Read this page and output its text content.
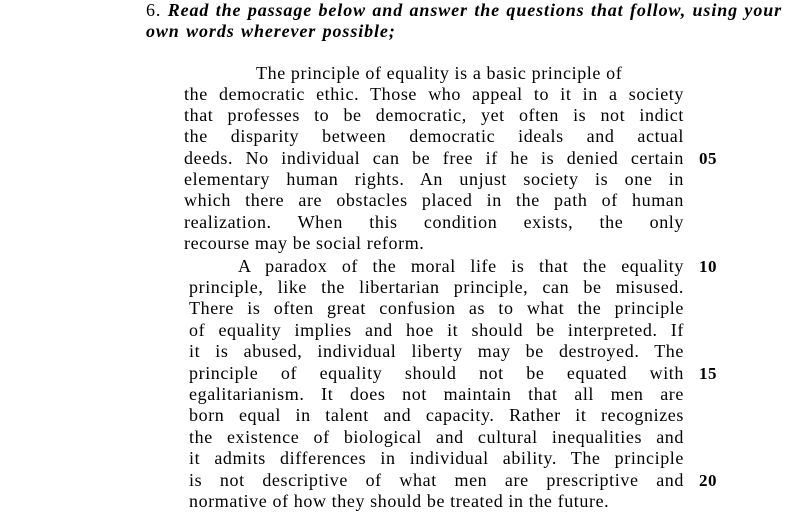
6. Read the passage below and answer the questions that follow, using your own words wherever possible;
The principle of equality is a basic principle of
the democratic ethic. Those who appeal to it in a society
that professes to be democratic, yet often is not indict
the disparity between democratic ideals and actual
deeds. No individual can be free if he is denied certain
elementary human rights. An unjust society is one in
which there are obstacles placed in the path of human
realization. When this condition exists, the only
recourse may be social reform.
A paradox of the moral life is that the equality
principle, like the libertarian principle, can be misused.
There is often great confusion as to what the principle
of equality implies and hoe it should be interpreted. If
it is abused, individual liberty may be destroyed. The
principle of equality should not be equated with
egalitarianism. It does not maintain that all men are
born equal in talent and capacity. Rather it recognizes
the existence of biological and cultural inequalities and
it admits differences in individual ability. The principle
is not descriptive of what men are prescriptive and
normative of how they should be treated in the future.
05
10
15
20
